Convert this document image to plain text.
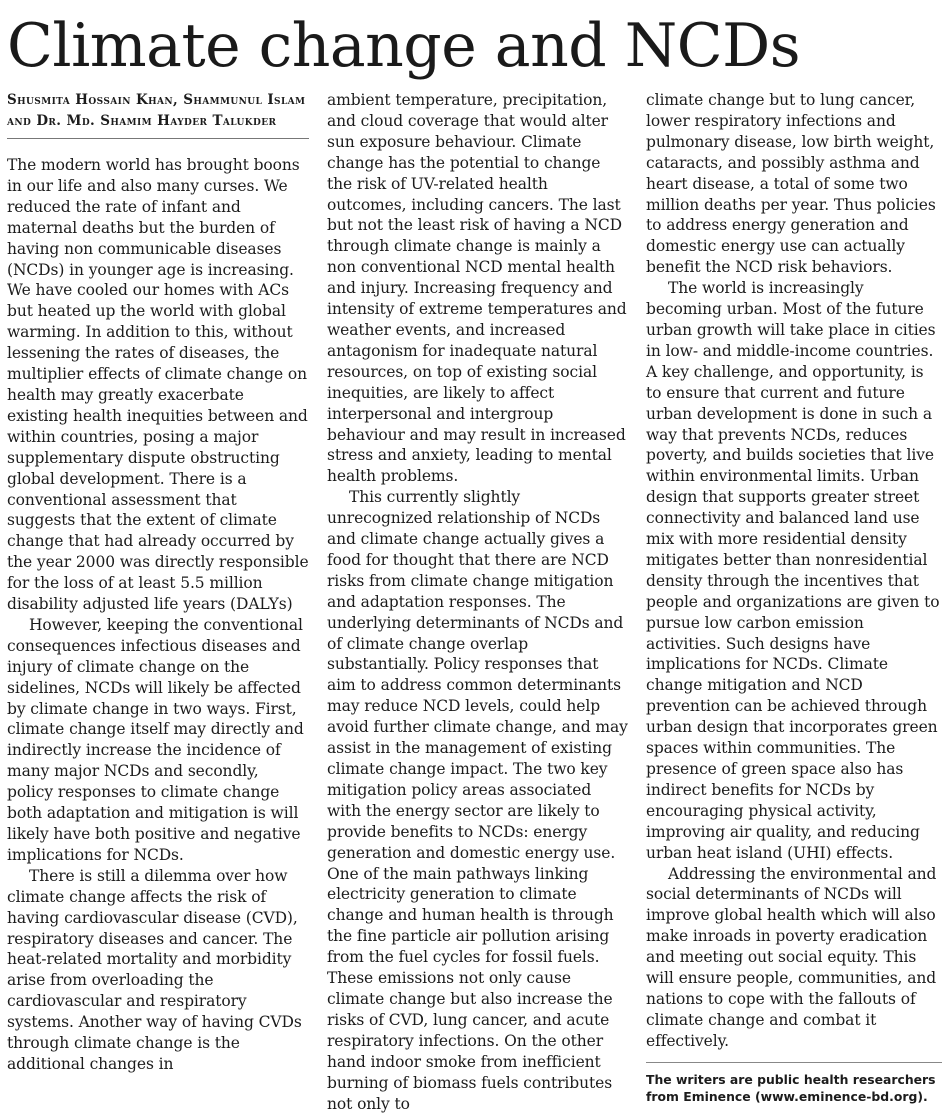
Climate change and NCDs
Shusmita Hossain Khan, Shammunul Islam and Dr. Md. Shamim Hayder Talukder

The modern world has brought boons in our life and also many curses. We reduced the rate of infant and maternal deaths but the burden of having non communicable diseases (NCDs) in younger age is increasing. We have cooled our homes with ACs but heated up the world with global warming. In addition to this, without lessening the rates of diseases, the multiplier effects of climate change on health may greatly exacerbate existing health inequities between and within countries, posing a major supplementary dispute obstructing global development. There is a conventional assessment that suggests that the extent of climate change that had already occurred by the year 2000 was directly responsible for the loss of at least 5.5 million disability adjusted life years (DALYs)

However, keeping the conventional consequences infectious diseases and injury of climate change on the sidelines, NCDs will likely be affected by climate change in two ways. First, climate change itself may directly and indirectly increase the incidence of many major NCDs and secondly, policy responses to climate change both adaptation and mitigation is will likely have both positive and negative implications for NCDs.

There is still a dilemma over how climate change affects the risk of having cardiovascular disease (CVD), respiratory diseases and cancer. The heat-related mortality and morbidity arise from overloading the cardiovascular and respiratory systems. Another way of having CVDs through climate change is the additional changes in

ambient temperature, precipitation, and cloud coverage that would alter sun exposure behaviour. Climate change has the potential to change the risk of UV-related health outcomes, including cancers. The last but not the least risk of having a NCD through climate change is mainly a non conventional NCD mental health and injury. Increasing frequency and intensity of extreme temperatures and weather events, and increased antagonism for inadequate natural resources, on top of existing social inequities, are likely to affect interpersonal and intergroup behaviour and may result in increased stress and anxiety, leading to mental health problems.

This currently slightly unrecognized relationship of NCDs and climate change actually gives a food for thought that there are NCD risks from climate change mitigation and adaptation responses. The underlying determinants of NCDs and of climate change overlap substantially. Policy responses that aim to address common determinants may reduce NCD levels, could help avoid further climate change, and may assist in the management of existing climate change impact. The two key mitigation policy areas associated with the energy sector are likely to provide benefits to NCDs: energy generation and domestic energy use. One of the main pathways linking electricity generation to climate change and human health is through the fine particle air pollution arising from the fuel cycles for fossil fuels. These emissions not only cause climate change but also increase the risks of CVD, lung cancer, and acute respiratory infections. On the other hand indoor smoke from inefficient burning of biomass fuels contributes not only to

climate change but to lung cancer, lower respiratory infections and pulmonary disease, low birth weight, cataracts, and possibly asthma and heart disease, a total of some two million deaths per year. Thus policies to address energy generation and domestic energy use can actually benefit the NCD risk behaviors.

The world is increasingly becoming urban. Most of the future urban growth will take place in cities in low- and middle-income countries. A key challenge, and opportunity, is to ensure that current and future urban development is done in such a way that prevents NCDs, reduces poverty, and builds societies that live within environmental limits. Urban design that supports greater street connectivity and balanced land use mix with more residential density mitigates better than nonresidential density through the incentives that people and organizations are given to pursue low carbon emission activities. Such designs have implications for NCDs. Climate change mitigation and NCD prevention can be achieved through urban design that incorporates green spaces within communities. The presence of green space also has indirect benefits for NCDs by encouraging physical activity, improving air quality, and reducing urban heat island (UHI) effects.

Addressing the environmental and social determinants of NCDs will improve global health which will also make inroads in poverty eradication and meeting out social equity. This will ensure people, communities, and nations to cope with the fallouts of climate change and combat it effectively.

The writers are public health researchers from Eminence (www.eminence-bd.org).
